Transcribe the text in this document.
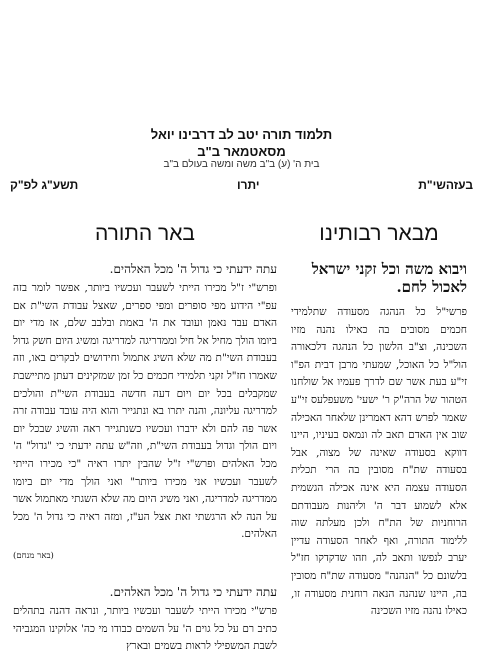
תלמוד תורה יטב לב דרבינו יואל
מסאטמאר ב"ב
בית ה' (ע) ב"ב משה ומשה בעולם ב"ב
בעזהשי"ת
יתרו
תשע"ג לפ"ק
מבאר רבותינו
ויבוא משה וכל זקני ישראל לאכול לחם.

פרשי"ל כל הנהגה מסעודה שתלמידי חכמים מסובים בה כאילו נהנה מזיו השכינה, וצ"ב הלשון כל הנהגה דלכאורה הול"ל כל האוכל, שמעתי מרבן דבית הפ"ו זי"ע בעת אשר שם לדרך פעמיו אל שולחנו הטהור של הרה"ק ר' ישעי' משעפלעס זי"ע שאמר לפרש דהא דאמרינן שלאחר האכילה שוב אין האדם תאב לה ונמאס בעיניו, היינו דווקא בסעודה שאינה של מצוה, אבל בסעודה שת"ח מסובין בה הרי תכלית הסעודה עצמה היא אינה אכילה הגשמית אלא לשמוע דבר ה' וליהנות מעבודתם הרוחניות של הת"ח ולכן מעלתה שוה ללימוד התורה, ואף לאחר הסעודה עדיין יערב לנפשו ותאב לה, וזהו שדקדקו חז"ל בלשונם כל "הנהנה" מסעודה שת"ח מסובין בה, היינו שנהנה הנאה רוחנית מסעודה זו, כאילו נהנה מזיו השכינה

באר התורה
עתה ידעתי כי גדול ה' מכל האלהים.

ופרש"י ז"ל מכירו הייתי לשעבר ועכשיו ביותר, אפשר לומר בזה עפ"י הידוע מפי סופרים ומפי ספרים, שאצל עבודת השי"ת אם האדם עבד נאמן ועובד את ה' באמת ובלבב שלם, אז מדי יום ביומו הולך מחיל אל חיל וממדריגה למדריגה ומשיג היום חשק גדול בעבודת השי"ת מה שלא השיג אתמול וחידושים לבקרים באו, וזה שאמרו חז"ל זקני תלמידי חכמים כל זמן שמזקינים דעתן מתיישבת שמקבלים בכל יום ויום דעה חדשה בעבודת השי"ת והולכים למדריגה עליונה, והנה יתרו בא ונתגייר והוא היה עובד עבודה זרה אשר פה להם ולא ידברו ועכשיו כשנתגייר ראה והשיג שבכל יום ויום הולך וגדול בעבודת השי"ת, וזה"ש עתה ידעתי כי "גדול" ה' מכל האלהים ופרש"י ז"ל שהבין יתרו ראיה "כי מכירו הייתי לשעבר ועכשיו אני מכירו ביותר" ואני הולך מדי יום ביומו ממדריגה למדריגה, ואני משיג היום מה שלא השגתי מאתמול אשר על הנה לא הרגשתי זאת אצל הע"ז, ומזה ראיה כי גדול ה' מכל האלהים.

(באר מנחם)
עתה ידעתי כי גדול ה' מכל האלהים.

פרש"י מכירו הייתי לשעבר ועכשיו ביותר, ונראה דהנה בתהלים כתיב רם על כל גוים ה' על השמים כבודו מי כה' אלוקינו המגביהי לשבת המשפילי לראות בשמים ובארץ
